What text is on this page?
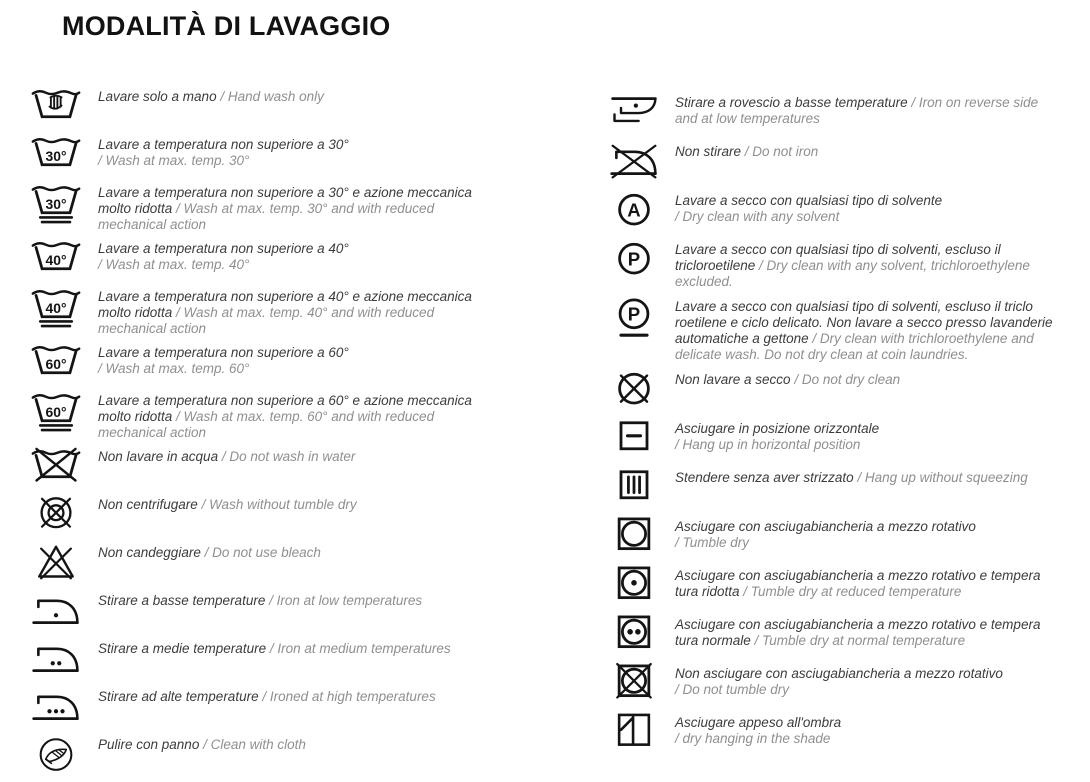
MODALITÀ DI LAVAGGIO
Lavare solo a mano / Hand wash only
30°
Lavare a temperatura non superiore a 30°
/ Wash at max. temp. 30°
30°
Lavare a temperatura non superiore a 30° e azione meccanica
molto ridotta / Wash at max. temp. 30° and with reduced
mechanical action
40°
Lavare a temperatura non superiore a 40°
/ Wash at max. temp. 40°
40°
Lavare a temperatura non superiore a 40° e azione meccanica
molto ridotta / Wash at max. temp. 40° and with reduced
mechanical action
60°
Lavare a temperatura non superiore a 60°
/ Wash at max. temp. 60°
60°
Lavare a temperatura non superiore a 60° e azione meccanica
molto ridotta / Wash at max. temp. 60° and with reduced
mechanical action
Non lavare in acqua / Do not wash in water
Non centrifugare / Wash without tumble dry
Non candeggiare / Do not use bleach
Stirare a basse temperature / Iron at low temperatures
Stirare a medie temperature / Iron at medium temperatures
Stirare ad alte temperature / Ironed at high temperatures
Pulire con panno / Clean with cloth
Stirare a rovescio a basse temperature / Iron on reverse side
and at low temperatures
Non stirare / Do not iron
A	Lavare a secco con qualsiasi tipo di solvente
/ Dry clean with any solvent
P	Lavare a secco con qualsiasi tipo di solventi, escluso il
tricloroetilene / Dry clean with any solvent, trichloroethylene
excluded.
P	Lavare a secco con qualsiasi tipo di solventi, escluso il triclo
roetilene e ciclo delicato. Non lavare a secco presso lavanderie
automatiche a gettone / Dry clean with trichloroethylene and
delicate wash. Do not dry clean at coin laundries.
Non lavare a secco / Do not dry clean
Asciugare in posizione orizzontale
/ Hang up in horizontal position
Stendere senza aver strizzato / Hang up without squeezing
Asciugare con asciugabiancheria a mezzo rotativo
/ Tumble dry
Asciugare con asciugabiancheria a mezzo rotativo e tempera
tura ridotta / Tumble dry at reduced temperature
Asciugare con asciugabiancheria a mezzo rotativo e tempera
tura normale / Tumble dry at normal temperature
Non asciugare con asciugabiancheria a mezzo rotativo
/ Do not tumble dry
Asciugare appeso all'ombra
/ dry hanging in the shade
